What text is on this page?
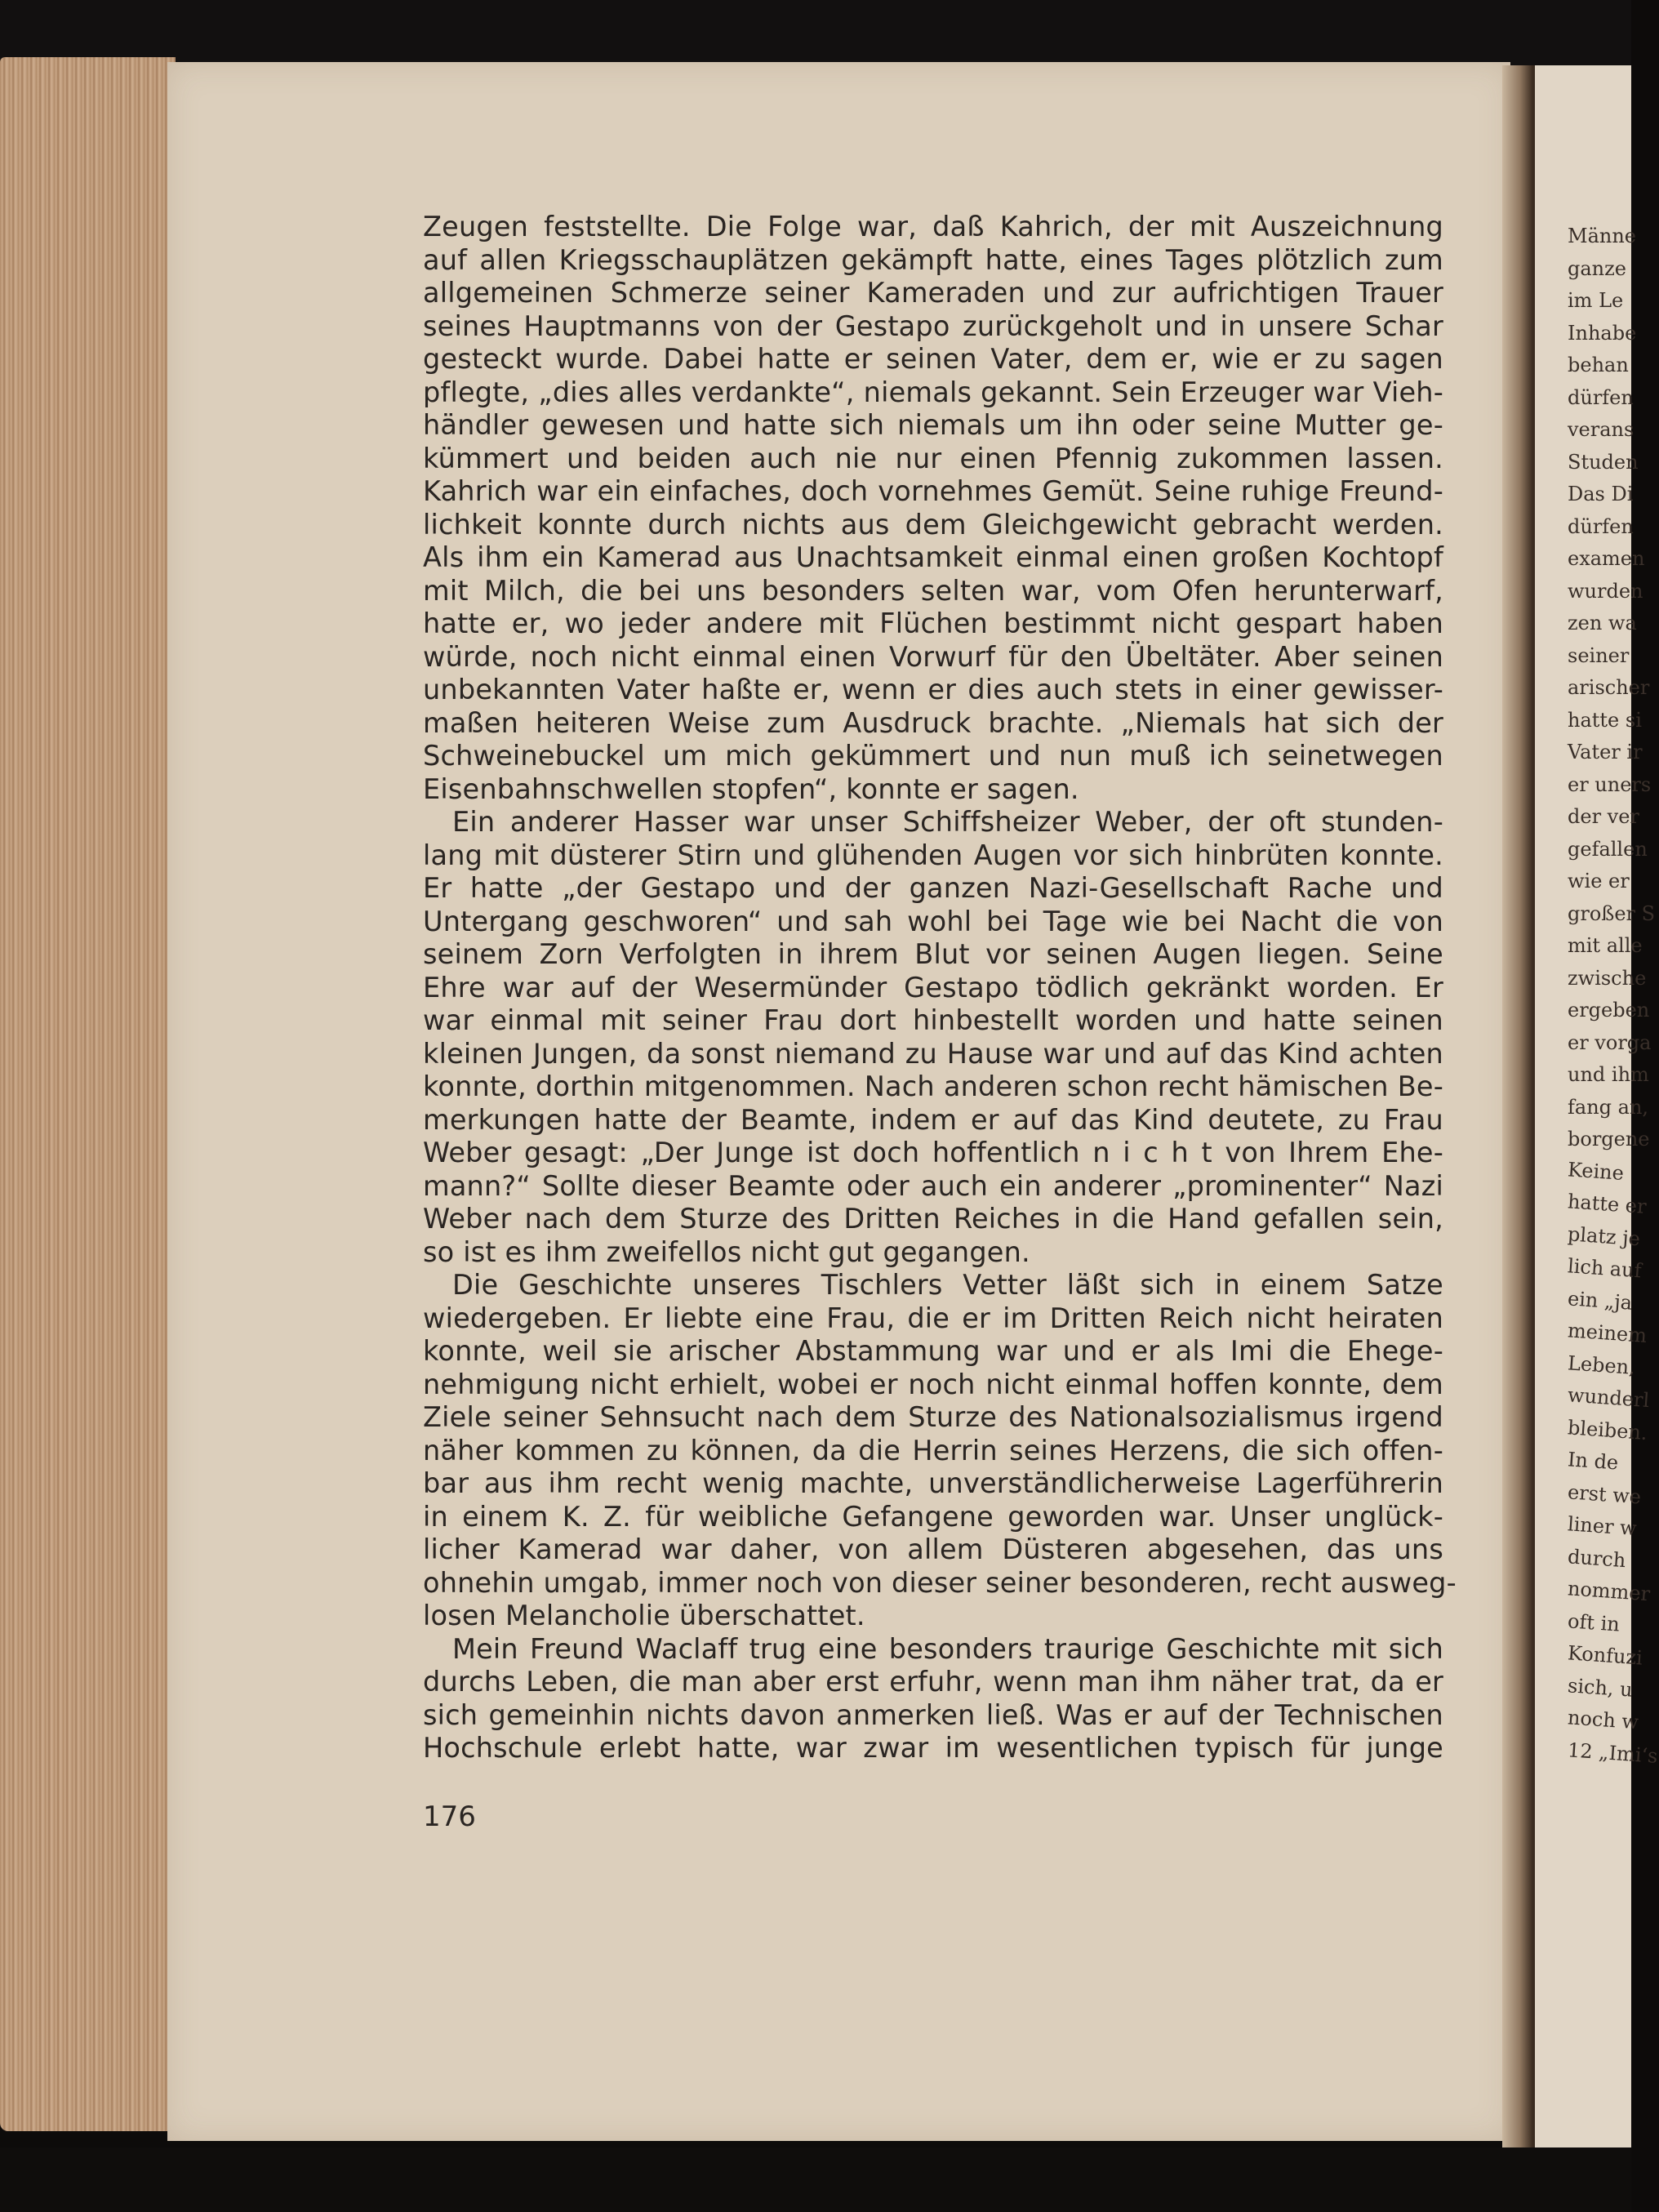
Zeugen feststellte. Die Folge war, daß Kahrich, der mit Auszeichnung
auf allen Kriegsschauplätzen gekämpft hatte, eines Tages plötzlich zum
allgemeinen Schmerze seiner Kameraden und zur aufrichtigen Trauer
seines Hauptmanns von der Gestapo zurückgeholt und in unsere Schar
gesteckt wurde. Dabei hatte er seinen Vater, dem er, wie er zu sagen
pflegte, „dies alles verdankte“, niemals gekannt. Sein Erzeuger war Vieh-
händler gewesen und hatte sich niemals um ihn oder seine Mutter ge-
kümmert und beiden auch nie nur einen Pfennig zukommen lassen.
Kahrich war ein einfaches, doch vornehmes Gemüt. Seine ruhige Freund-
lichkeit konnte durch nichts aus dem Gleichgewicht gebracht werden.
Als ihm ein Kamerad aus Unachtsamkeit einmal einen großen Kochtopf
mit Milch, die bei uns besonders selten war, vom Ofen herunterwarf,
hatte er, wo jeder andere mit Flüchen bestimmt nicht gespart haben
würde, noch nicht einmal einen Vorwurf für den Übeltäter. Aber seinen
unbekannten Vater haßte er, wenn er dies auch stets in einer gewisser-
maßen heiteren Weise zum Ausdruck brachte. „Niemals hat sich der
Schweinebuckel um mich gekümmert und nun muß ich seinetwegen
Eisenbahnschwellen stopfen“, konnte er sagen.
Ein anderer Hasser war unser Schiffsheizer Weber, der oft stunden-
lang mit düsterer Stirn und glühenden Augen vor sich hinbrüten konnte.
Er hatte „der Gestapo und der ganzen Nazi-Gesellschaft Rache und
Untergang geschworen“ und sah wohl bei Tage wie bei Nacht die von
seinem Zorn Verfolgten in ihrem Blut vor seinen Augen liegen. Seine
Ehre war auf der Wesermünder Gestapo tödlich gekränkt worden. Er
war einmal mit seiner Frau dort hinbestellt worden und hatte seinen
kleinen Jungen, da sonst niemand zu Hause war und auf das Kind achten
konnte, dorthin mitgenommen. Nach anderen schon recht hämischen Be-
merkungen hatte der Beamte, indem er auf das Kind deutete, zu Frau
Weber gesagt: „Der Junge ist doch hoffentlich n i c h t von Ihrem Ehe-
mann?“ Sollte dieser Beamte oder auch ein anderer „prominenter“ Nazi
Weber nach dem Sturze des Dritten Reiches in die Hand gefallen sein,
so ist es ihm zweifellos nicht gut gegangen.
Die Geschichte unseres Tischlers Vetter läßt sich in einem Satze
wiedergeben. Er liebte eine Frau, die er im Dritten Reich nicht heiraten
konnte, weil sie arischer Abstammung war und er als Imi die Ehege-
nehmigung nicht erhielt, wobei er noch nicht einmal hoffen konnte, dem
Ziele seiner Sehnsucht nach dem Sturze des Nationalsozialismus irgend
näher kommen zu können, da die Herrin seines Herzens, die sich offen-
bar aus ihm recht wenig machte, unverständlicherweise Lagerführerin
in einem K. Z. für weibliche Gefangene geworden war. Unser unglück-
licher Kamerad war daher, von allem Düsteren abgesehen, das uns
ohnehin umgab, immer noch von dieser seiner besonderen, recht ausweg-
losen Melancholie überschattet.
Mein Freund Waclaff trug eine besonders traurige Geschichte mit sich
durchs Leben, die man aber erst erfuhr, wenn man ihm näher trat, da er
sich gemeinhin nichts davon anmerken ließ. Was er auf der Technischen
Hochschule erlebt hatte, war zwar im wesentlichen typisch für junge
176
Männe
ganze
im Le
Inhabe
behan
dürfen
verans
Studen
Das Di
dürfen
examen
wurden
zen wa
seiner
arischer
hatte si
Vater ir
er uners
der ver
gefallen
wie er
großer S
mit alle
zwische
ergeben
er vorga
und ihm
fang an,
borgene
Keine
hatte er
platz je
lich auf
ein „ja
meinem
Leben,
wunderl
bleiben.
In de
erst we
liner w
durch
nommer
oft in
Konfuzi
sich, u
noch w
12 „Imi‘s
